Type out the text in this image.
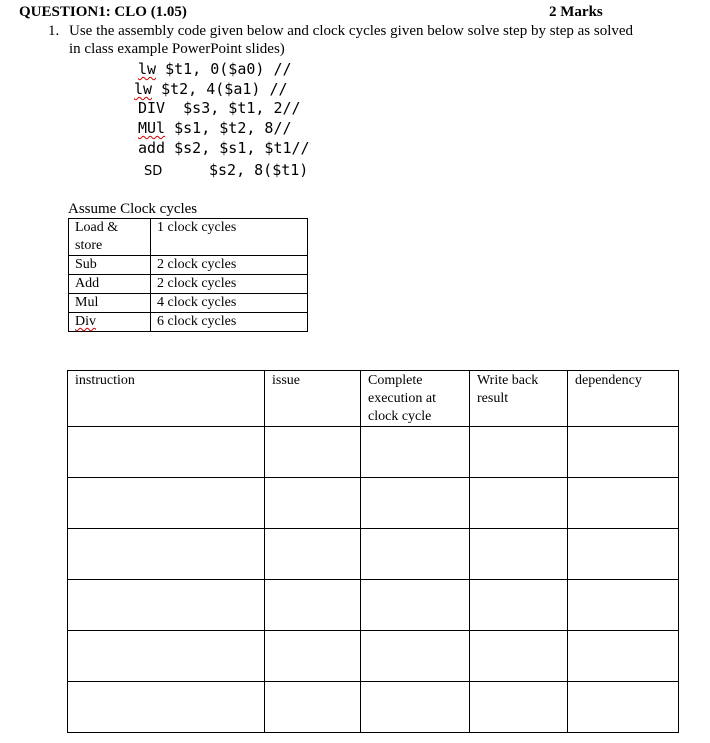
QUESTION1: CLO (1.05)	2 Marks
1. Use the assembly code given below and clock cycles given below solve step by step as solved
in class example PowerPoint slides)
lw $t1, 0($a0) //
lw $t2, 4($a1) //
DIV  $s3, $t1, 2//
MUl $s1, $t2, 8//
add $s2, $s1, $t1//
SD	$s2, 8($t1)
Assume Clock cycles
Load & store	1 clock cycles
Sub	2 clock cycles
Add	2 clock cycles
Mul	4 clock cycles
Div	6 clock cycles
instruction	issue	Complete execution at clock cycle	Write back result	dependency
